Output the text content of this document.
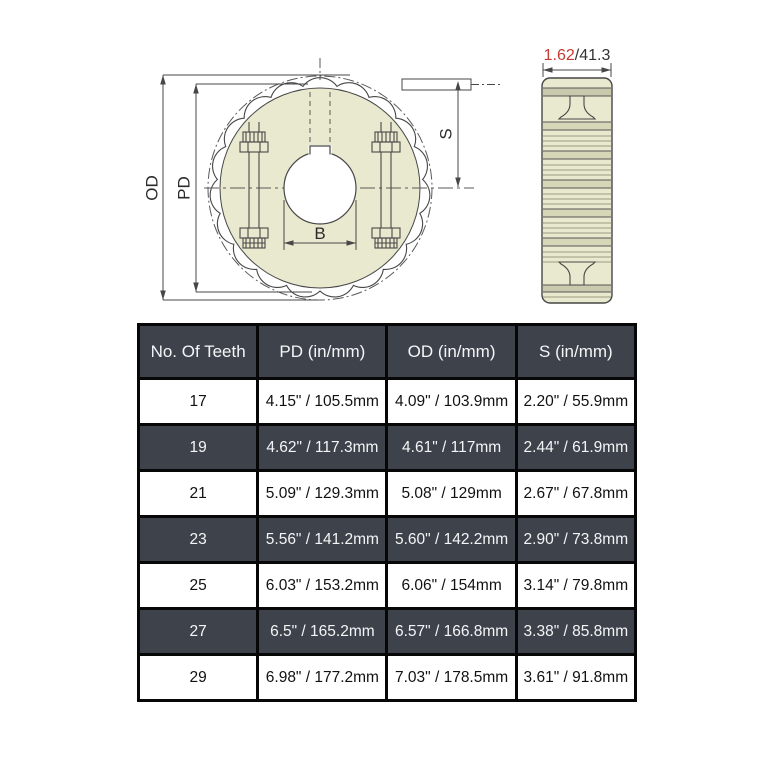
OD PD
B
S
1.62/41.3
No. Of Teeth	PD (in/mm)	OD (in/mm)	S (in/mm)
17	4.15" / 105.5mm	4.09" / 103.9mm	2.20" / 55.9mm
19	4.62" / 117.3mm	4.61" / 117mm	2.44" / 61.9mm
21	5.09" / 129.3mm	5.08" / 129mm	2.67" / 67.8mm
23	5.56" / 141.2mm	5.60" / 142.2mm	2.90" / 73.8mm
25	6.03" / 153.2mm	6.06" / 154mm	3.14" / 79.8mm
27	6.5" / 165.2mm	6.57" / 166.8mm	3.38" / 85.8mm
29	6.98" / 177.2mm	7.03" / 178.5mm	3.61" / 91.8mm
